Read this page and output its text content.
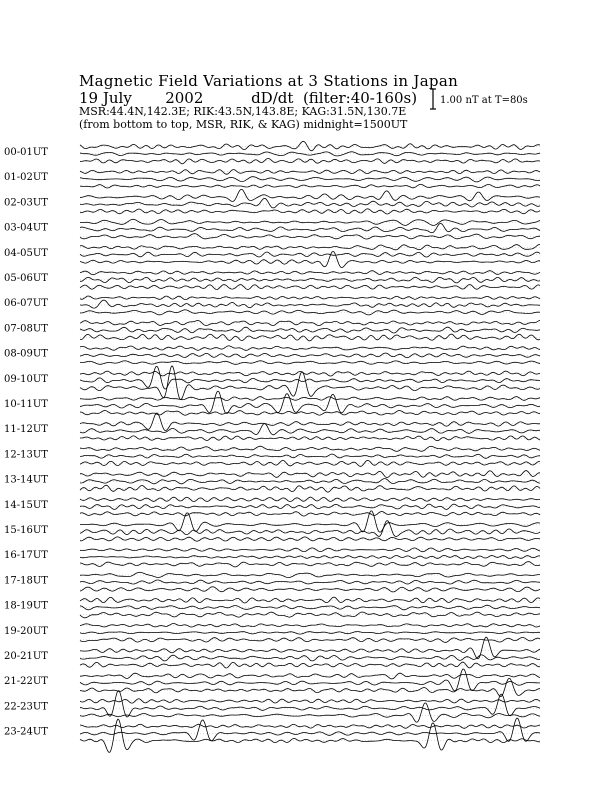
Magnetic Field Variations at 3 Stations in Japan
19 July 2002	dD/dt (filter:40-160s)
MSR:44.4N,142.3E; RIK:43.5N,143.8E; KAG:31.5N,130.7E
(from bottom to top, MSR, RIK, & KAG) midnight=1500UT
1.00 nT at T=80s
00-01UT
01-02UT
02-03UT
03-04UT
04-05UT
05-06UT
06-07UT
07-08UT
08-09UT
09-10UT
10-11UT
11-12UT
12-13UT
13-14UT
14-15UT
15-16UT
16-17UT
17-18UT
18-19UT
19-20UT
20-21UT
21-22UT
22-23UT
23-24UT
